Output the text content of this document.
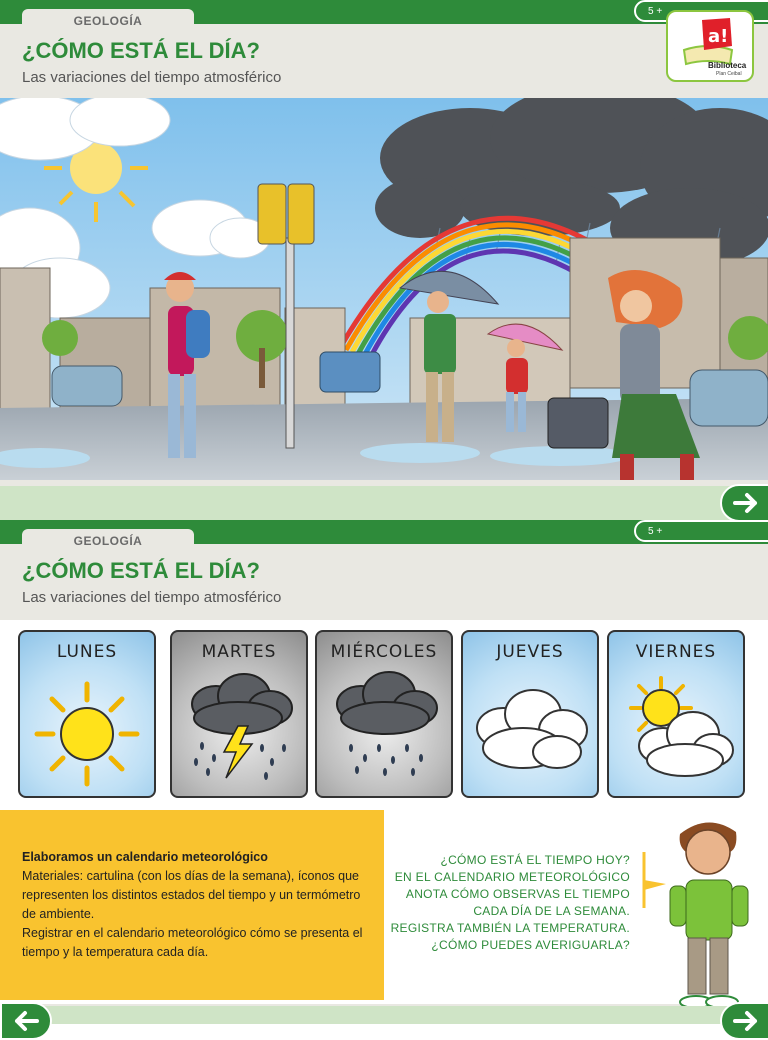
GEOLOGÍA
5 +
¿CÓMO ESTÁ EL DÍA?
Las variaciones del tiempo atmosférico
a!
Biblioteca
Plan Ceibal
GEOLOGÍA
5 +
¿CÓMO ESTÁ EL DÍA?
Las variaciones del tiempo atmosférico
LUNES	MARTES	MIÉRCOLES	JUEVES	VIERNES
Elaboramos un calendario meteorológico
Materiales: cartulina (con los días de la semana), íconos que representen los distintos estados del tiempo y un termómetro de ambiente.
Registrar en el calendario meteorológico cómo se presenta el tiempo y la temperatura cada día.
¿CÓMO ESTÁ EL TIEMPO HOY?
EN EL CALENDARIO METEOROLÓGICO
ANOTA CÓMO OBSERVAS EL TIEMPO
CADA DÍA DE LA SEMANA.
REGISTRA TAMBIÉN LA TEMPERATURA.
¿CÓMO PUEDES AVERIGUARLA?
